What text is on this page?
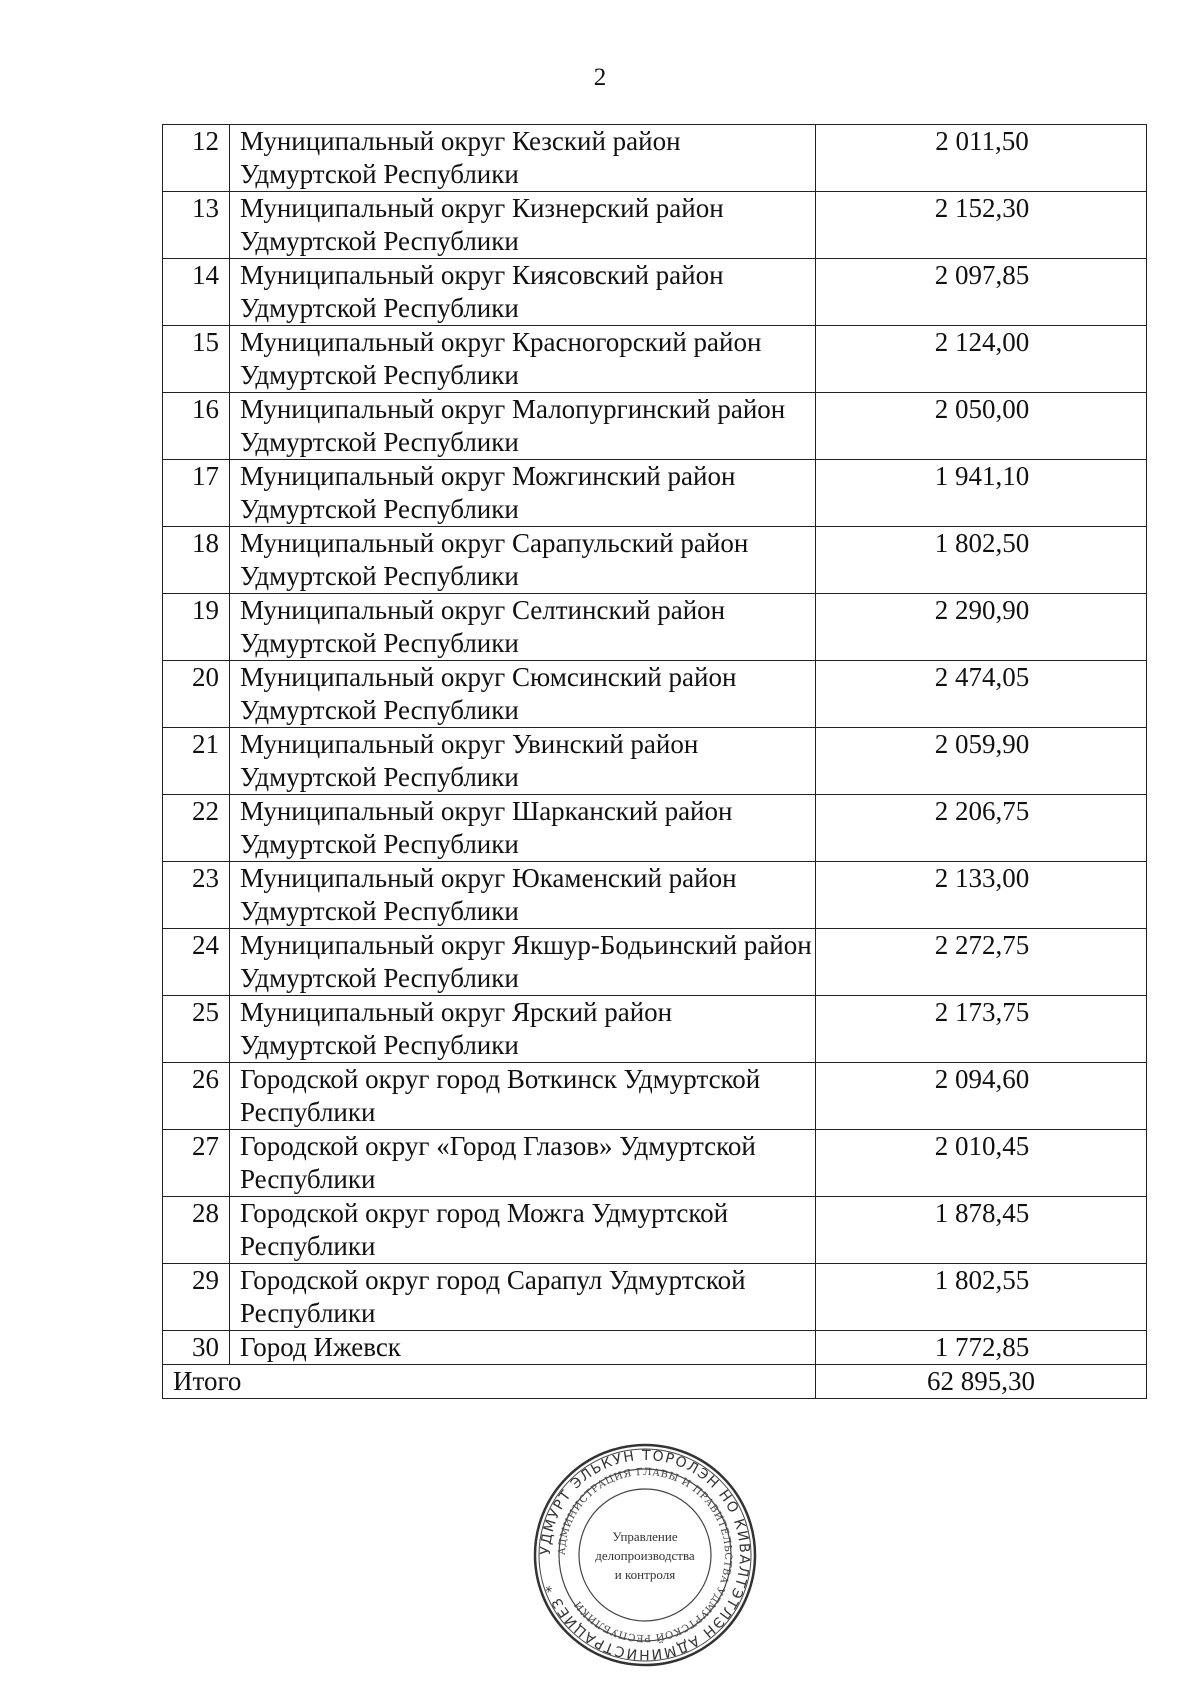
2
12	Муниципальный округ Кезский район Удмуртской Республики	2 011,50

13	Муниципальный округ Кизнерский район Удмуртской Республики	2 152,30

14	Муниципальный округ Киясовский район Удмуртской Республики	2 097,85

15	Муниципальный округ Красногорский район Удмуртской Республики	2 124,00

16	Муниципальный округ Малопургинский район Удмуртской Республики	2 050,00

17	Муниципальный округ Можгинский район Удмуртской Республики	1 941,10

18	Муниципальный округ Сарапульский район Удмуртской Республики	1 802,50

19	Муниципальный округ Селтинский район Удмуртской Республики	2 290,90

20	Муниципальный округ Сюмсинский район Удмуртской Республики	2 474,05

21	Муниципальный округ Увинский район Удмуртской Республики	2 059,90

22	Муниципальный округ Шарканский район Удмуртской Республики	2 206,75

23	Муниципальный округ Юкаменский район Удмуртской Республики	2 133,00

24	Муниципальный округ Якшур-Бодьинский район Удмуртской Республики	2 272,75

25	Муниципальный округ Ярский район Удмуртской Республики	2 173,75

26	Городской округ город Воткинск Удмуртской Республики	2 094,60

27	Городской округ «Город Глазов» Удмуртской Республики	2 010,45

28	Городской округ город Можга Удмуртской Республики	1 878,45

29	Городской округ город Сарапул Удмуртской Республики	1 802,55

30	Город Ижевск	1 772,85

Итого		62 895,30
УДМУРТ ЭЛЬКУН ТОРОЛЭН НО КИВАЛТЭТЛЭН АДМИНИСТРАЦИЕЗ *
АДМИНИСТРАЦИЯ ГЛАВЫ И ПРАВИТЕЛЬСТВА УДМУРТСКОЙ РЕСПУБЛИКИ
Управление
делопроизводства
и контроля
